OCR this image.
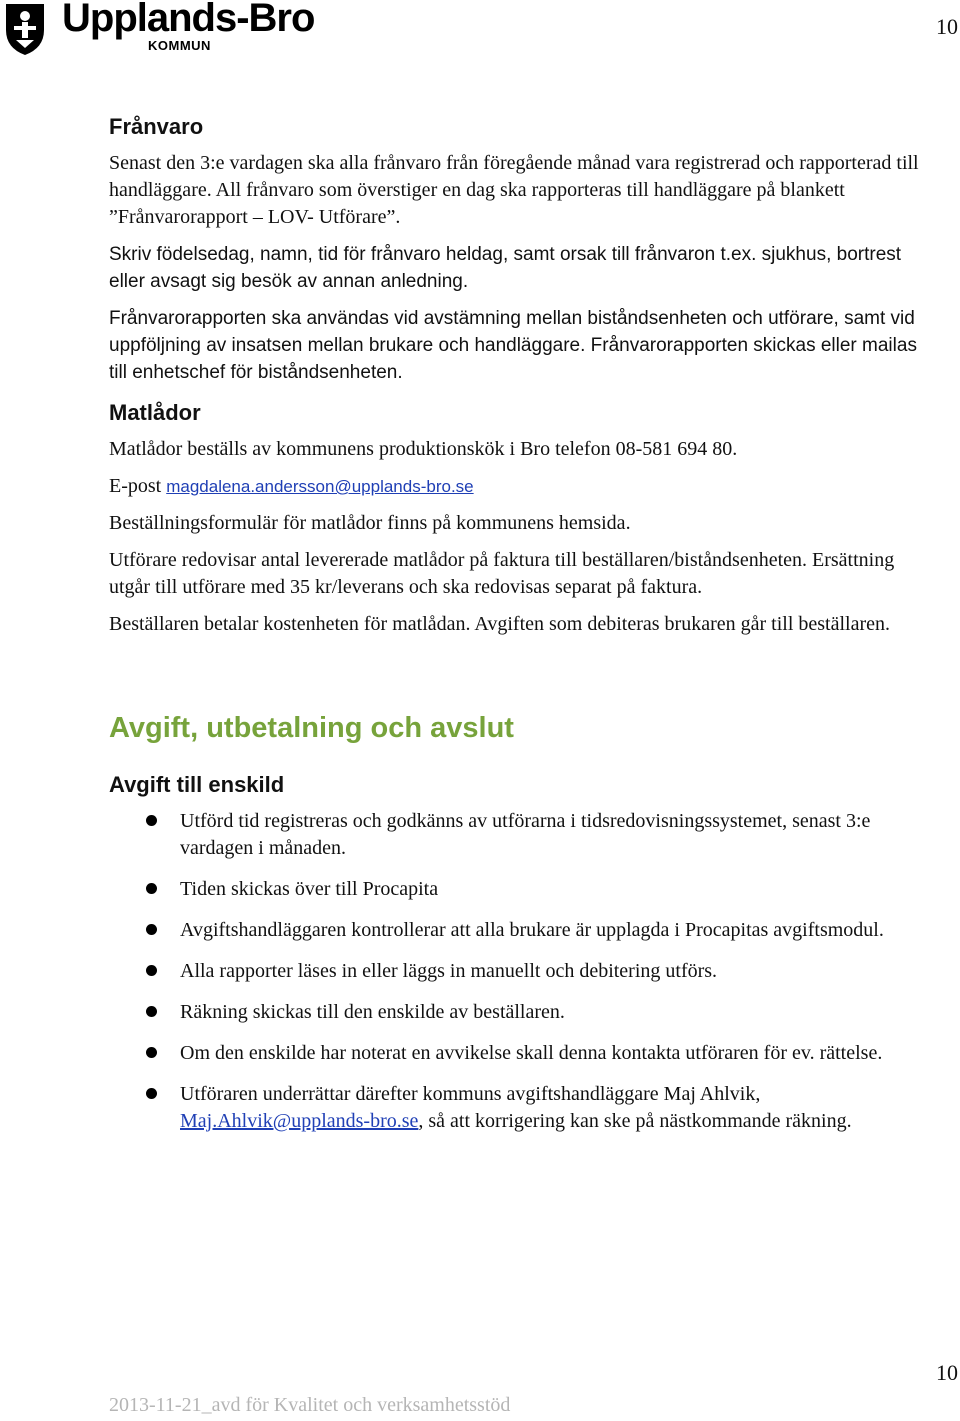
Upplands-Bro
KOMMUN
10
Frånvaro

Senast den 3:e vardagen ska alla frånvaro från föregående månad vara registrerad och rapporterad till handläggare. All frånvaro som överstiger en dag ska rapporteras till handläggare på blankett ”Frånvarorapport – LOV- Utförare”.

Skriv födelsedag, namn, tid för frånvaro heldag, samt orsak till frånvaron t.ex. sjukhus, bortrest eller avsagt sig besök av annan anledning.

Frånvarorapporten ska användas vid avstämning mellan biståndsenheten och utförare, samt vid uppföljning av insatsen mellan brukare och handläggare. Frånvarorapporten skickas eller mailas till enhetschef för biståndsenheten.

Matlådor

Matlådor beställs av kommunens produktionskök i Bro telefon 08-581 694 80.

E-post magdalena.andersson@upplands-bro.se

Beställningsformulär för matlådor finns på kommunens hemsida.

Utförare redovisar antal levererade matlådor på faktura till beställaren/biståndsenheten. Ersättning utgår till utförare med 35 kr/leverans och ska redovisas separat på faktura.

Beställaren betalar kostenheten för matlådan. Avgiften som debiteras brukaren går till beställaren.

Avgift, utbetalning och avslut
Avgift till enskild
Utförd tid registreras och godkänns av utförarna i tidsredovisningssystemet, senast 3:e vardagen i månaden.
Tiden skickas över till Procapita
Avgiftshandläggaren kontrollerar att alla brukare är upplagda i Procapitas avgiftsmodul.
Alla rapporter läses in eller läggs in manuellt och debitering utförs.
Räkning skickas till den enskilde av beställaren.
Om den enskilde har noterat en avvikelse skall denna kontakta utföraren för ev. rättelse.
Utföraren underrättar därefter kommuns avgiftshandläggare Maj Ahlvik,
Maj.Ahlvik@upplands-bro.se, så att korrigering kan ske på nästkommande räkning.
10
2013-11-21_avd för Kvalitet och verksamhetsstöd
